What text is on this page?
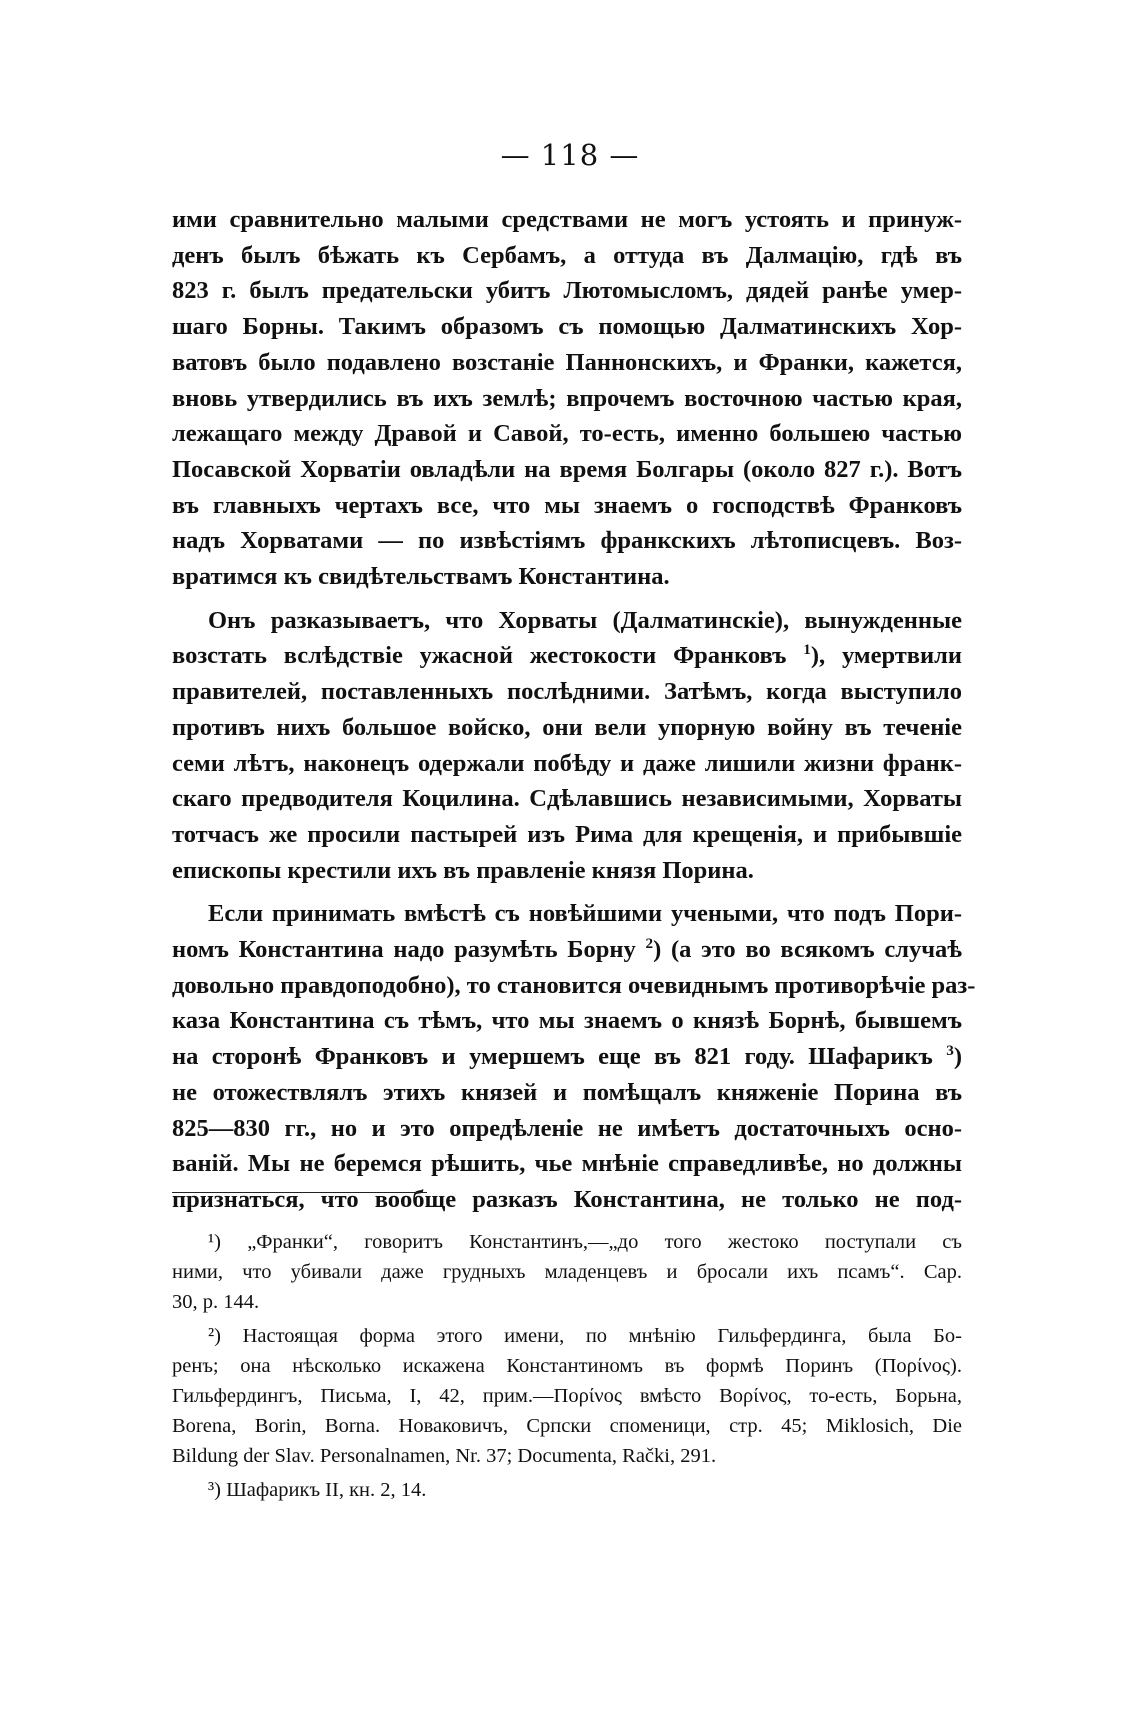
— 118 —
ими сравнительно малыми средствами не могъ устоять и принуж-
денъ былъ бѣжать къ Сербамъ, а оттуда въ Далмацію, гдѣ въ
823 г. былъ предательски убитъ Лютомысломъ, дядей ранѣе умер-
шаго Борны. Такимъ образомъ съ помощью Далматинскихъ Хор-
ватовъ было подавлено возстаніе Паннонскихъ, и Франки, кажется,
вновь утвердились въ ихъ землѣ; впрочемъ восточною частью края,
лежащаго между Дравой и Савой, то-есть, именно большею частью
Посавской Хорватіи овладѣли на время Болгары (около 827 г.). Вотъ
въ главныхъ чертахъ все, что мы знаемъ о господствѣ Франковъ
надъ Хорватами — по извѣстіямъ франкскихъ лѣтописцевъ. Воз-
вратимся къ свидѣтельствамъ Константина.
Онъ разказываетъ, что Хорваты (Далматинскіе), вынужденные
возстать вслѣдствіе ужасной жестокости Франковъ $^1$), умертвили
правителей, поставленныхъ послѣдними. Затѣмъ, когда выступило
противъ нихъ большое войско, они вели упорную войну въ теченіе
семи лѣтъ, наконецъ одержали побѣду и даже лишили жизни франк-
скаго предводителя Коцилина. Сдѣлавшись независимыми, Хорваты
тотчасъ же просили пастырей изъ Рима для крещенія, и прибывшіе
епископы крестили ихъ въ правленіе князя Порина.
Если принимать вмѣстѣ съ новѣйшими учеными, что подъ Пори-
номъ Константина надо разумѣть Борну $^2$) (а это во всякомъ случаѣ
довольно правдоподобно), то становится очевиднымъ противорѣчіе раз-
каза Константина съ тѣмъ, что мы знаемъ о князѣ Борнѣ, бывшемъ
на сторонѣ Франковъ и умершемъ еще въ 821 году. Шафарикъ $^3$)
не отожествлялъ этихъ князей и помѣщалъ княженіе Порина въ
825—830 гг., но и это опредѣленіе не имѣетъ достаточныхъ осно-
ваній. Мы не беремся рѣшить, чье мнѣніе справедливѣе, но должны
признаться, что вообще разказъ Константина, не только не под-
¹) „Франки“, говоритъ Константинъ,—„до того жестоко поступали съ
ними, что убивали даже грудныхъ младенцевъ и бросали ихъ псамъ“. Cap.
30, p. 144.
²) Настоящая форма этого имени, по мнѣнію Гильфердинга, была Бо-
ренъ; она нѣсколько искажена Константиномъ въ формѣ Поринъ (Πορίνος).
Гильфердингъ, Письма, I, 42, прим.—Πορίνος вмѣсто Βορίνος, то-есть, Борьна,
Borena, Borin, Borna. Новаковичъ, Српски споменици, стр. 45; Miklosich, Die
Bildung der Slav. Personalnamen, Nr. 37; Documenta, Rački, 291.
³) Шафарикъ II, кн. 2, 14.
